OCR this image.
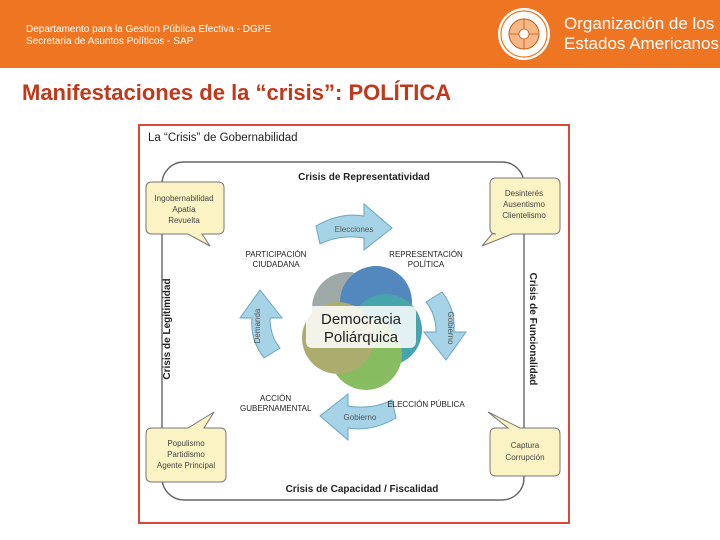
Departamento para la Gestion Pública Efectiva - DGPE
Secretaria de Asuntos Políticos - SAP
Organización de los
Estados Americanos
Manifestaciones de la “crisis”: POLÍTICA
La “Crisis” de Gobernabilidad
Crisis de Representatividad
Crisis de Capacidad / Fiscalidad
Crisis de Legitimidad	Crisis de Funcionalidad
Ingobernabilidad
Apatía
Revuelta
Desinterés
Ausentismo
Clientelismo
Populismo
Partidismo
Agente Principal
Captura
Corrupción
Elecciones
Gobierno
Gobierno
Demanda
PARTICIPACIÓN
CIUDADANA
REPRESENTACIÓN
POLÍTICA
ACCIÓN
GUBERNAMENTAL	ELECCIÓN PÚBLICA
Democracia
Poliárquica
